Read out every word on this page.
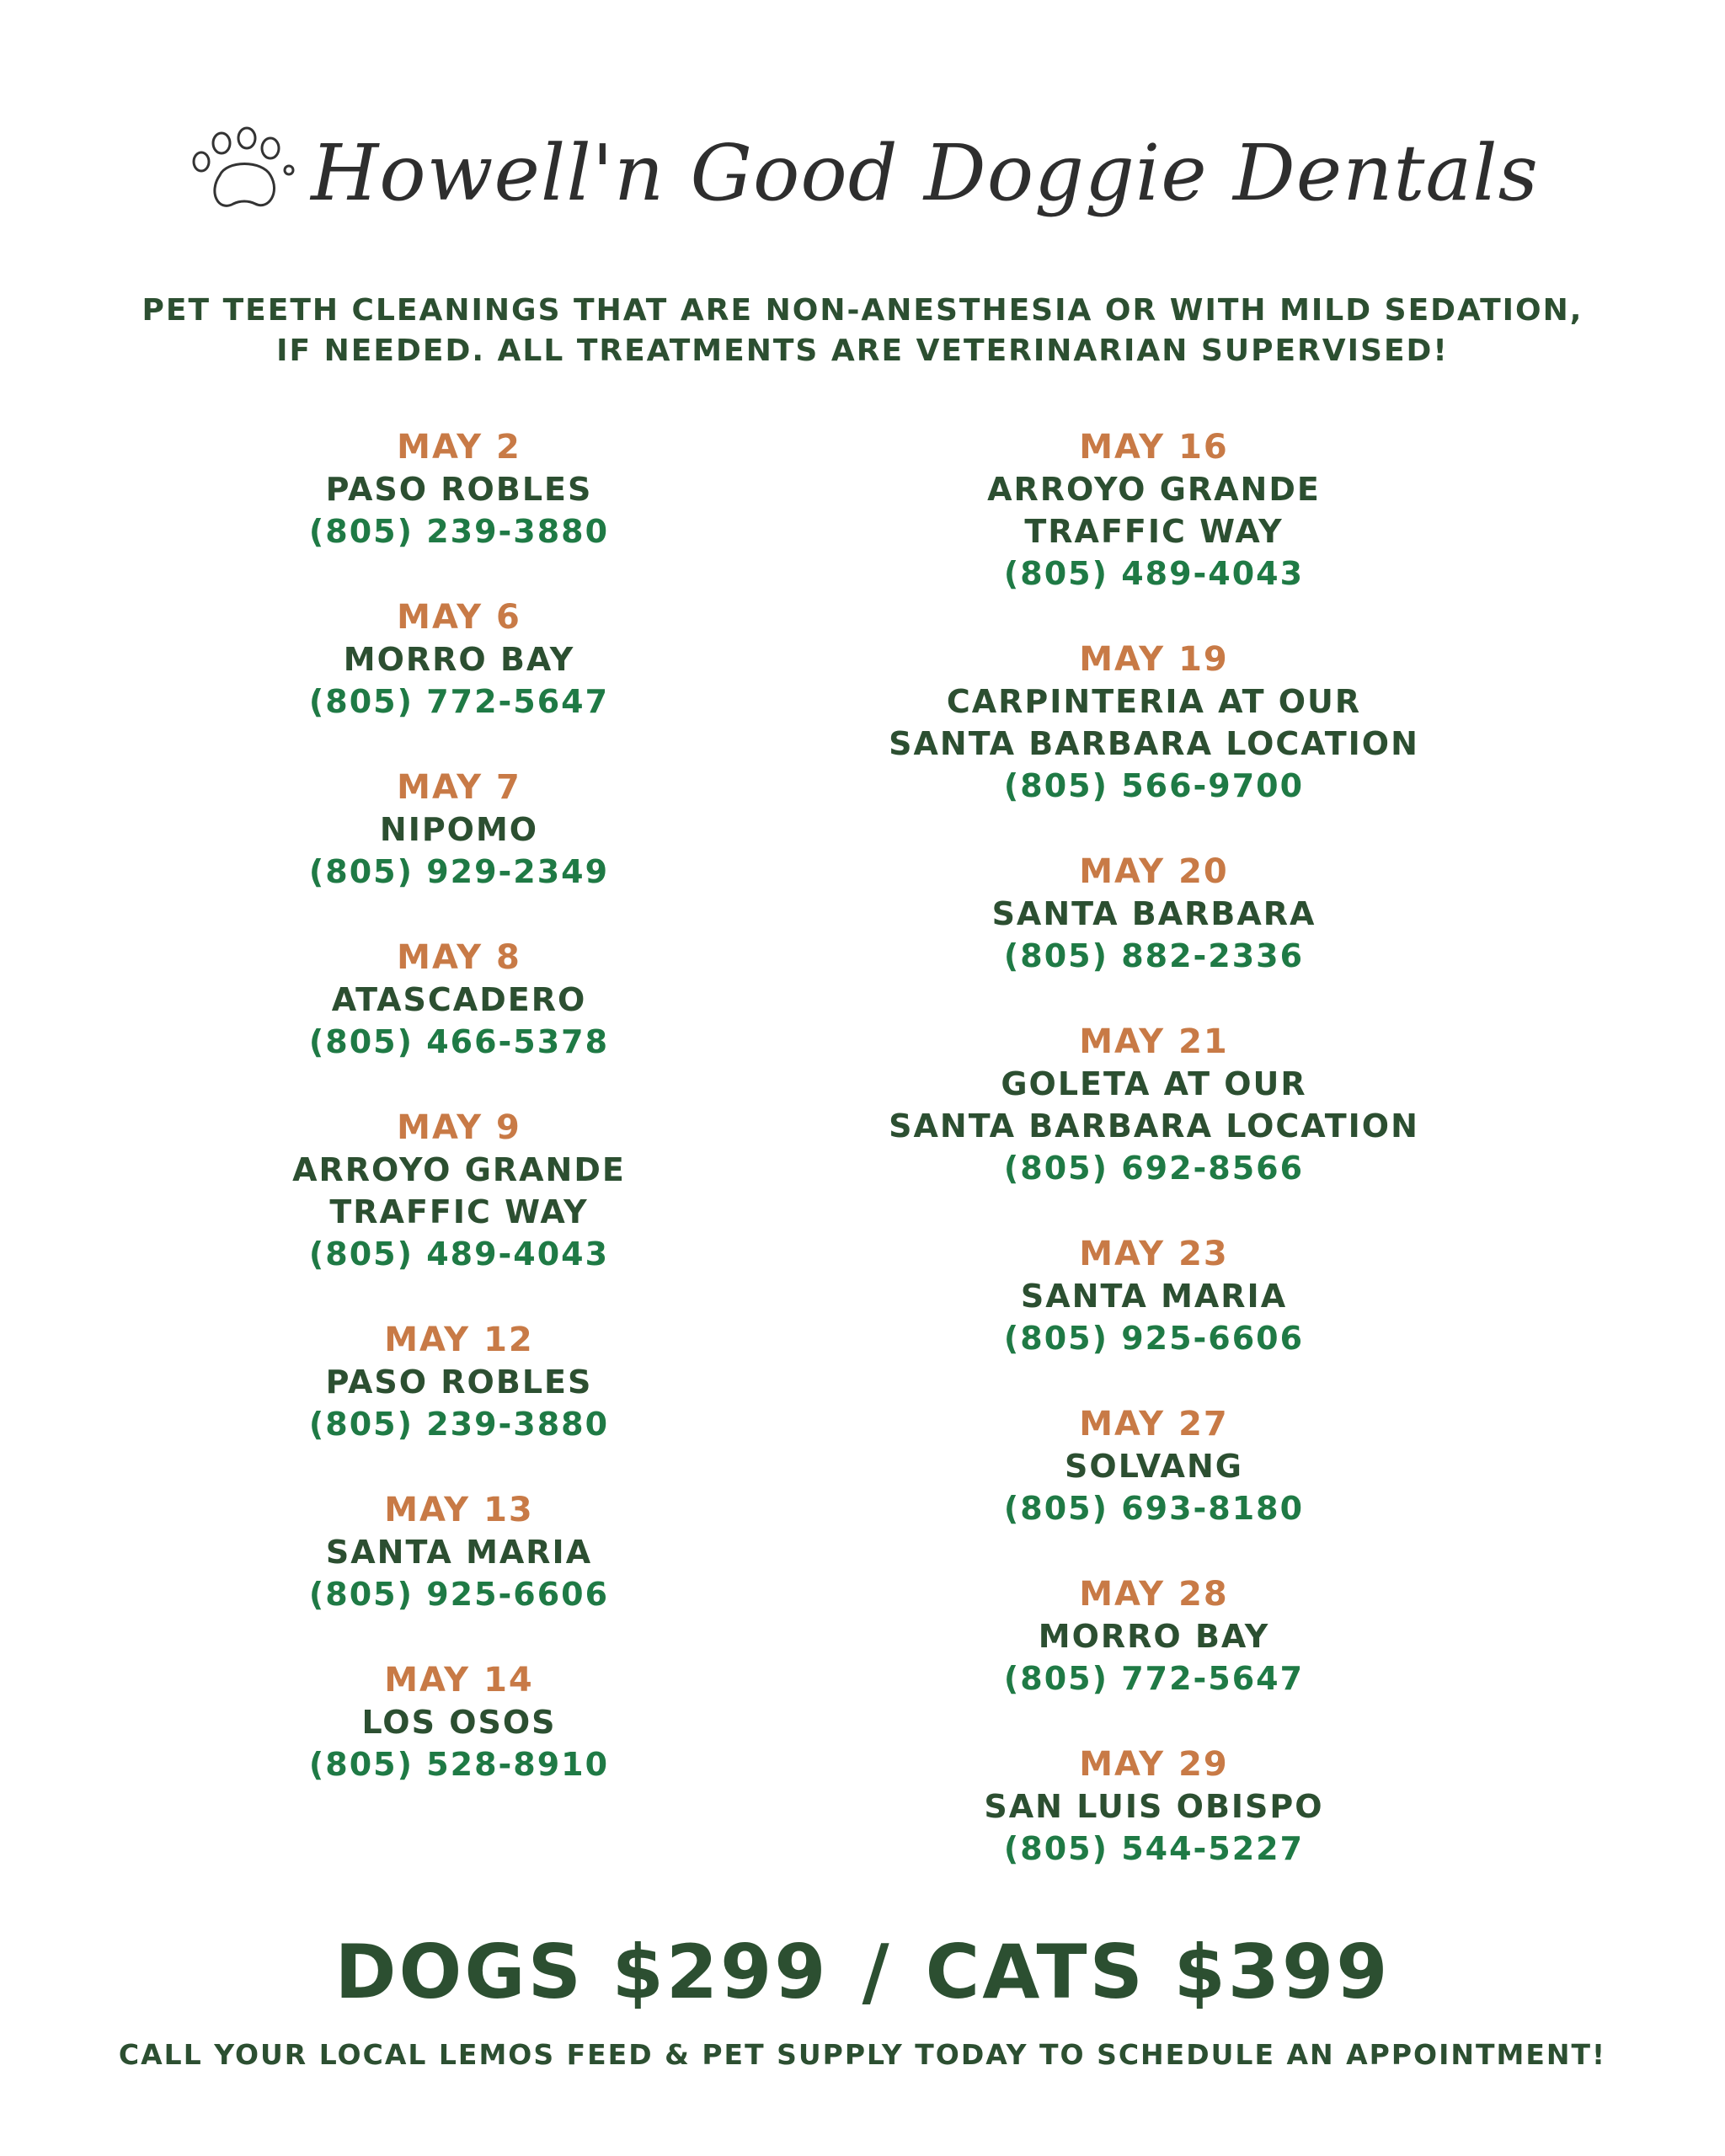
Howell'n Good Doggie Dentals
PET TEETH CLEANINGS THAT ARE NON-ANESTHESIA OR WITH MILD SEDATION,
IF NEEDED. ALL TREATMENTS ARE VETERINARIAN SUPERVISED!
MAY 2
PASO ROBLES
(805) 239-3880
MAY 6
MORRO BAY
(805) 772-5647
MAY 7
NIPOMO
(805) 929-2349
MAY 8
ATASCADERO
(805) 466-5378
MAY 9
ARROYO GRANDE
TRAFFIC WAY
(805) 489-4043
MAY 12
PASO ROBLES
(805) 239-3880
MAY 13
SANTA MARIA
(805) 925-6606
MAY 14
LOS OSOS
(805) 528-8910
MAY 16
ARROYO GRANDE
TRAFFIC WAY
(805) 489-4043
MAY 19
CARPINTERIA AT OUR
SANTA BARBARA LOCATION
(805) 566-9700
MAY 20
SANTA BARBARA
(805) 882-2336
MAY 21
GOLETA AT OUR
SANTA BARBARA LOCATION
(805) 692-8566
MAY 23
SANTA MARIA
(805) 925-6606
MAY 27
SOLVANG
(805) 693-8180
MAY 28
MORRO BAY
(805) 772-5647
MAY 29
SAN LUIS OBISPO
(805) 544-5227
DOGS $299 / CATS $399
CALL YOUR LOCAL LEMOS FEED & PET SUPPLY TODAY TO SCHEDULE AN APPOINTMENT!
